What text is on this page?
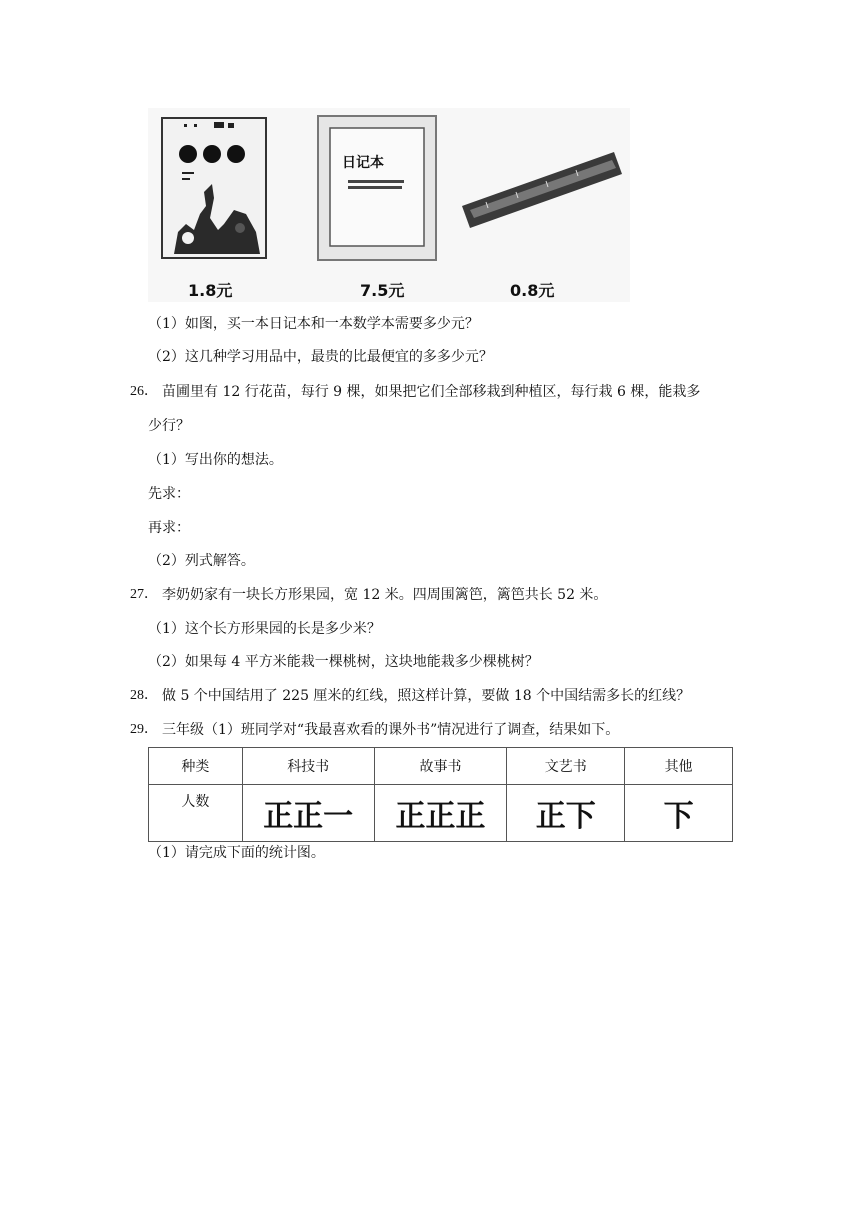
1.8元
日记本
7.5元	0.8元
（1）如图，买一本日记本和一本数学本需要多少元？
（2）这几种学习用品中，最贵的比最便宜的多多少元？
26． 苗圃里有 12 行花苗，每行 9 棵，如果把它们全部移栽到种植区，每行栽 6 棵，能栽多
少行？
（1）写出你的想法。
先求：
再求：
（2）列式解答。
27． 李奶奶家有一块长方形果园，宽 12 米。四周围篱笆，篱笆共长 52 米。
（1）这个长方形果园的长是多少米？
（2）如果每 4 平方米能栽一棵桃树，这块地能栽多少棵桃树？
28． 做 5 个中国结用了 225 厘米的红线，照这样计算，要做 18 个中国结需多长的红线？
29． 三年级（1）班同学对“我最喜欢看的课外书”情况进行了调查，结果如下。
种类	科技书	故事书	文艺书	其他
人数	正正一	正正正	正下	下
（1）请完成下面的统计图。
